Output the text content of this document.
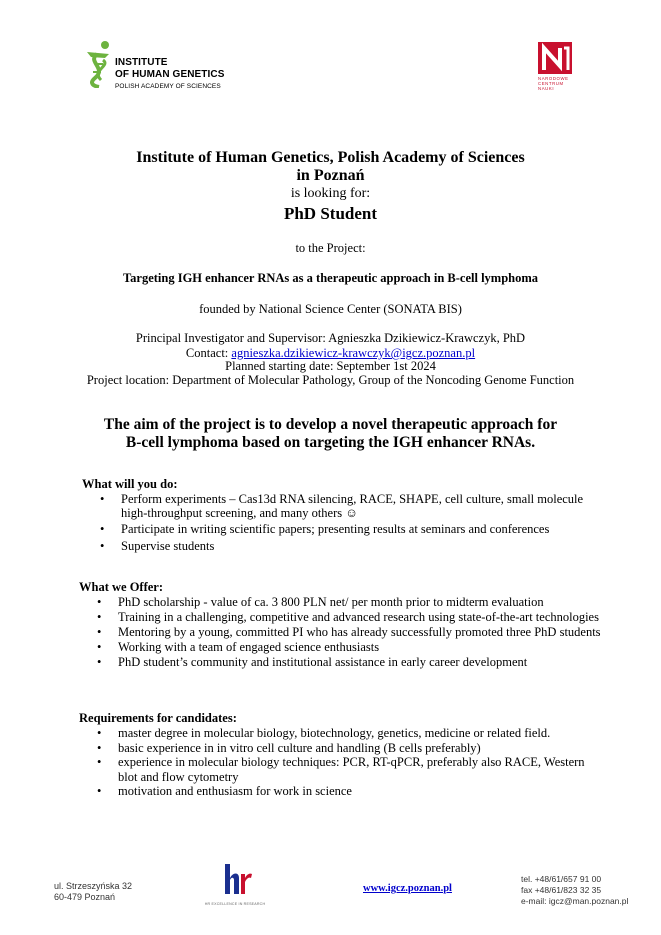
INSTITUTE
OF HUMAN GENETICS
POLISH ACADEMY OF SCIENCES
NARODOWE
CENTRUM
NAUKI
Institute of Human Genetics, Polish Academy of Sciences
in Poznań
is looking for:
PhD Student
to the Project:
Targeting IGH enhancer RNAs as a therapeutic approach in B-cell lymphoma
founded by National Science Center (SONATA BIS)
Principal Investigator and Supervisor: Agnieszka Dzikiewicz-Krawczyk, PhD
Contact: agnieszka.dzikiewicz-krawczyk@igcz.poznan.pl
Planned starting date: September 1st 2024
Project location: Department of Molecular Pathology, Group of the Noncoding Genome Function
The aim of the project is to develop a novel therapeutic approach for
B-cell lymphoma based on targeting the IGH enhancer RNAs.
What will you do:
• Perform experiments – Cas13d RNA silencing, RACE, SHAPE, cell culture, small molecule
high-throughput screening, and many others ☺
• Participate in writing scientific papers; presenting results at seminars and conferences
• Supervise students
What we Offer:
• PhD scholarship - value of ca. 3 800 PLN net/ per month prior to midterm evaluation
• Training in a challenging, competitive and advanced research using state-of-the-art technologies
• Mentoring by a young, committed PI who has already successfully promoted three PhD students
• Working with a team of engaged science enthusiasts
• PhD student’s community and institutional assistance in early career development
Requirements for candidates:
• master degree in molecular biology, biotechnology, genetics, medicine or related field.
• basic experience in in vitro cell culture and handling (B cells preferably)
• experience in molecular biology techniques: PCR, RT-qPCR, preferably also RACE, Western
blot and flow cytometry
• motivation and enthusiasm for work in science
ul. Strzeszyńska 32
60-479 Poznań
HR EXCELLENCE IN RESEARCH
www.igcz.poznan.pl
tel. +48/61/657 91 00
fax +48/61/823 32 35
e-mail: igcz@man.poznan.pl
